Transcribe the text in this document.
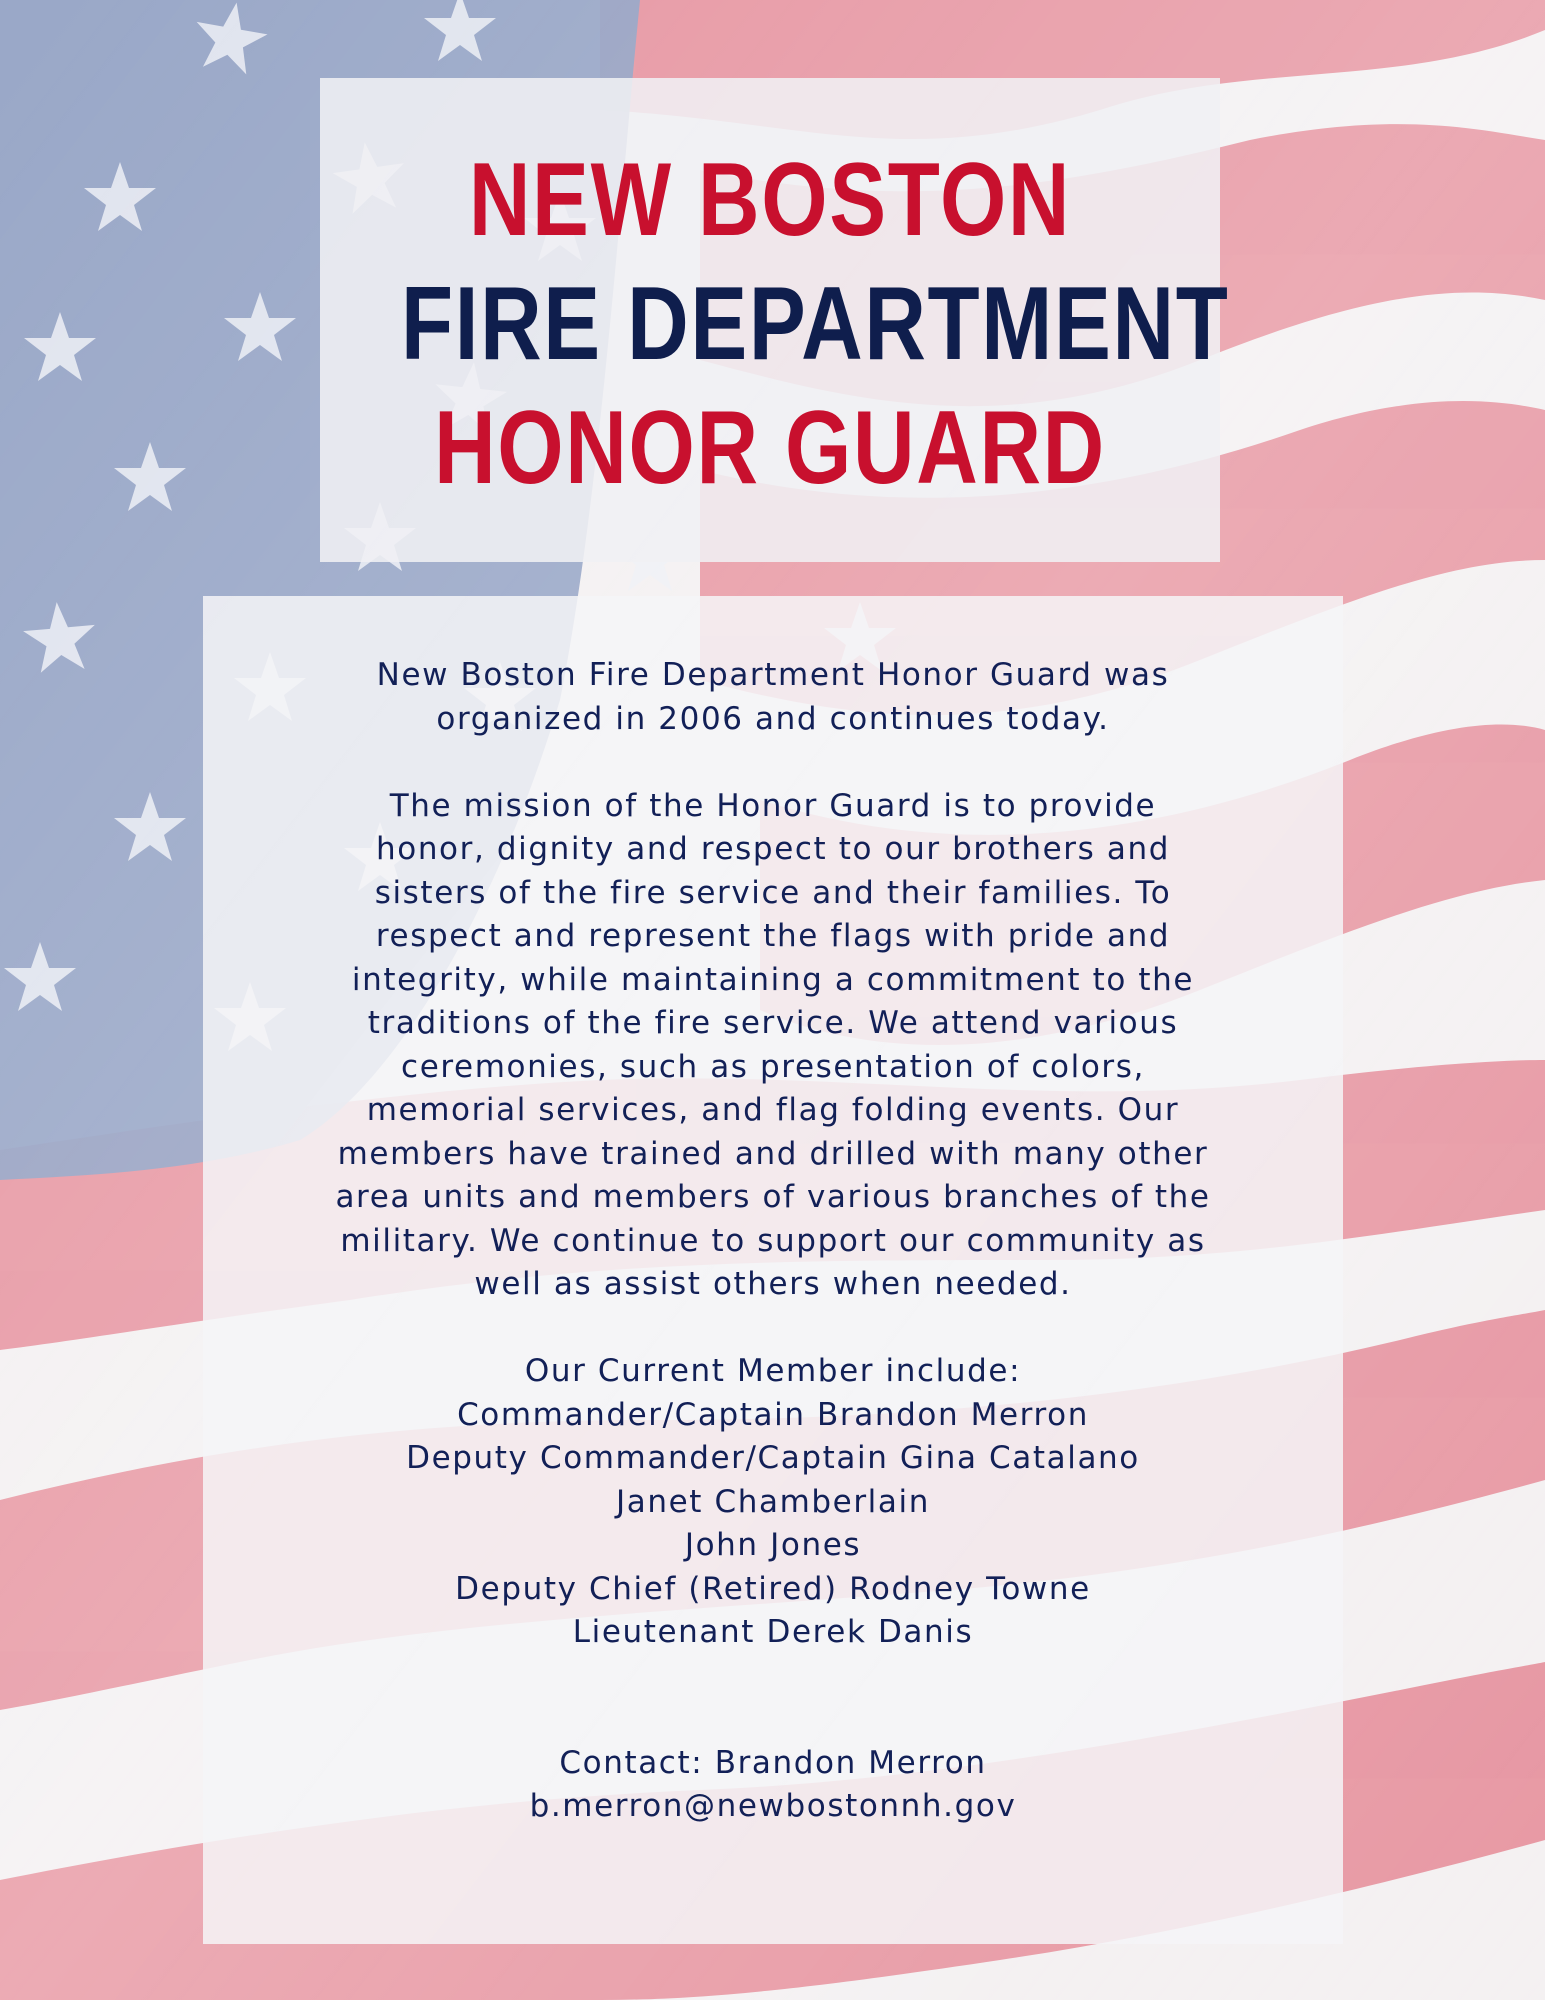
NEW BOSTON
FIRE DEPARTMENT
HONOR GUARD
New Boston Fire Department Honor Guard was
organized in 2006 and continues today.
The mission of the Honor Guard is to provide
honor, dignity and respect to our brothers and
sisters of the fire service and their families. To
respect and represent the flags with pride and
integrity, while maintaining a commitment to the
traditions of the fire service. We attend various
ceremonies, such as presentation of colors,
memorial services, and flag folding events. Our
members have trained and drilled with many other
area units and members of various branches of the
military. We continue to support our community as
well as assist others when needed.
Our Current Member include:
Commander/Captain Brandon Merron
Deputy Commander/Captain Gina Catalano
Janet Chamberlain
John Jones
Deputy Chief (Retired) Rodney Towne
Lieutenant Derek Danis
Contact: Brandon Merron
b.merron@newbostonnh.gov
